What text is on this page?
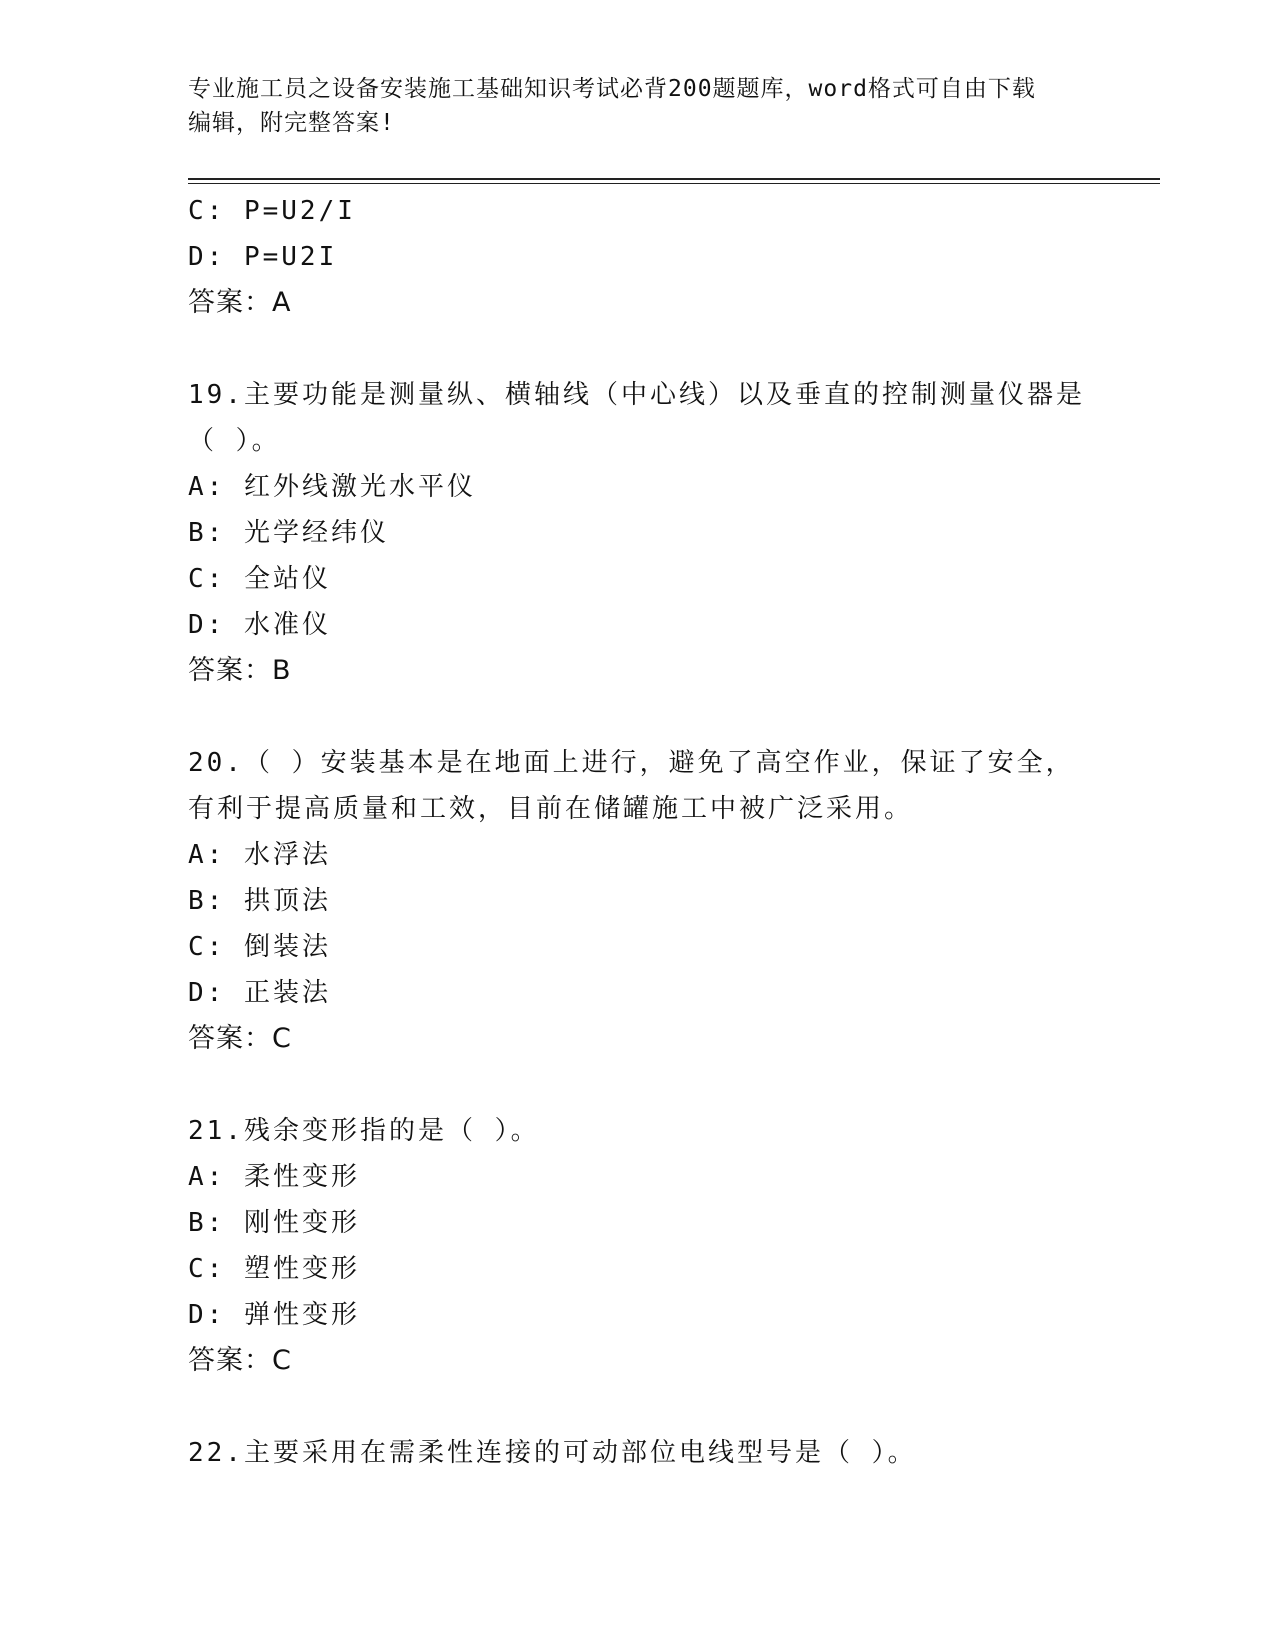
专业施工员之设备安装施工基础知识考试必背200题题库，word格式可自由下载
编辑，附完整答案!
C: P=U2/I
D: P=U2I
答案：A
19.主要功能是测量纵、横轴线（中心线）以及垂直的控制测量仪器是
（ ）。
A: 红外线激光水平仪
B: 光学经纬仪
C: 全站仪
D: 水准仪
答案：B
20.（ ）安装基本是在地面上进行，避免了高空作业，保证了安全，
有利于提高质量和工效，目前在储罐施工中被广泛采用。
A: 水浮法
B: 拱顶法
C: 倒装法
D: 正装法
答案：C
21.残余变形指的是（ ）。
A: 柔性变形
B: 刚性变形
C: 塑性变形
D: 弹性变形
答案：C
22.主要采用在需柔性连接的可动部位电线型号是（ ）。
